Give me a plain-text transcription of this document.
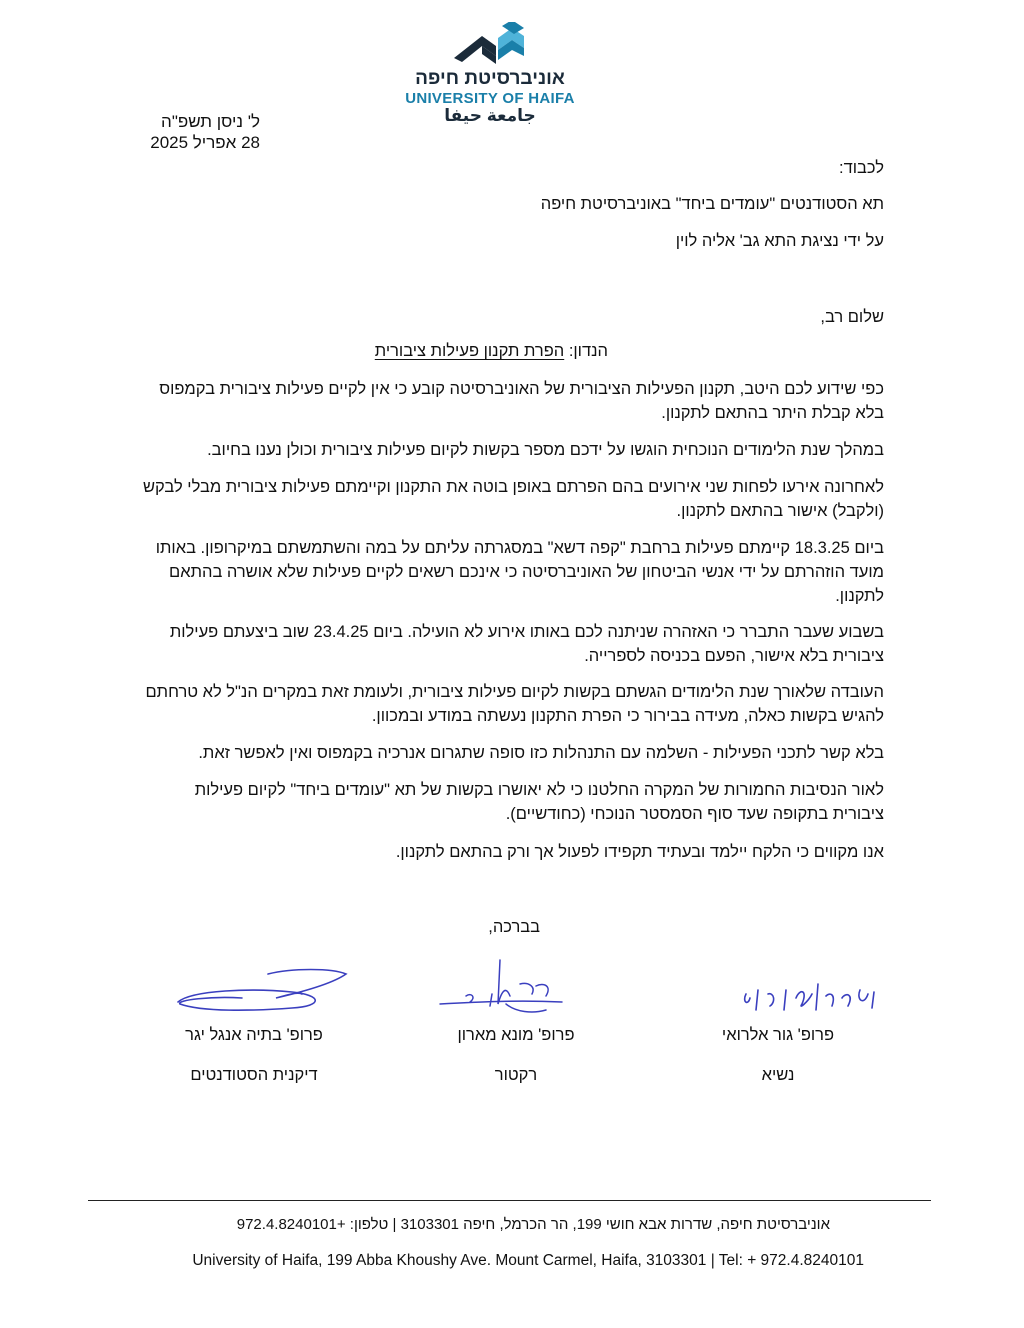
אוניברסיטת חיפה
UNIVERSITY OF HAIFA
جامعة حيفا
ל' ניסן תשפ"ה
28 אפריל 2025
לכבוד:
תא הסטודנטים "עומדים ביחד" באוניברסיטת חיפה
על ידי נציגת התא גב' אליה לוין
שלום רב,
הנדון: הפרת תקנון פעילות ציבורית
כפי שידוע לכם היטב, תקנון הפעילות הציבורית של האוניברסיטה קובע כי אין לקיים פעילות ציבורית בקמפוס בלא קבלת היתר בהתאם לתקנון.
במהלך שנת הלימודים הנוכחית הוגשו על ידכם מספר בקשות לקיום פעילות ציבורית וכולן נענו בחיוב.
לאחרונה אירעו לפחות שני אירועים בהם הפרתם באופן בוטה את התקנון וקיימתם פעילות ציבורית מבלי לבקש (ולקבל) אישור בהתאם לתקנון.
ביום 18.3.25 קיימתם פעילות ברחבת "קפה דשא" במסגרתה עליתם על במה והשתמשתם במיקרופון. באותו מועד הוזהרתם על ידי אנשי הביטחון של האוניברסיטה כי אינכם רשאים לקיים פעילות שלא אושרה בהתאם לתקנון.
בשבוע שעבר התברר כי האזהרה שניתנה לכם באותו אירוע לא הועילה. ביום 23.4.25 שוב ביצעתם פעילות ציבורית בלא אישור, הפעם בכניסה לספרייה.
העובדה שלאורך שנת הלימודים הגשתם בקשות לקיום פעילות ציבורית, ולעומת זאת במקרים הנ"ל לא טרחתם להגיש בקשות כאלה, מעידה בבירור כי הפרת התקנון נעשתה במודע ובמכוון.
בלא קשר לתכני הפעילות - השלמה עם התנהלות כזו סופה שתגרום אנרכיה בקמפוס ואין לאפשר זאת.
לאור הנסיבות החמורות של המקרה החלטנו כי לא יאושרו בקשות של תא "עומדים ביחד" לקיום פעילות ציבורית בתקופה שעד סוף הסמסטר הנוכחי (כחודשיים).
אנו מקווים כי הלקח יילמד ובעתיד תקפידו לפעול אך ורק בהתאם לתקנון.
בברכה,
פרופ' גור אלרואי
נשיא
פרופ' מונא מארון
רקטור
פרופ' בתיה אנגל יגר
דיקנית הסטודנטים
אוניברסיטת חיפה, שדרות אבא חושי 199, הר הכרמל, חיפה 3103301 | טלפון: +972.4.8240101
University of Haifa, 199 Abba Khoushy Ave. Mount Carmel, Haifa, 3103301 | Tel: + 972.4.8240101
